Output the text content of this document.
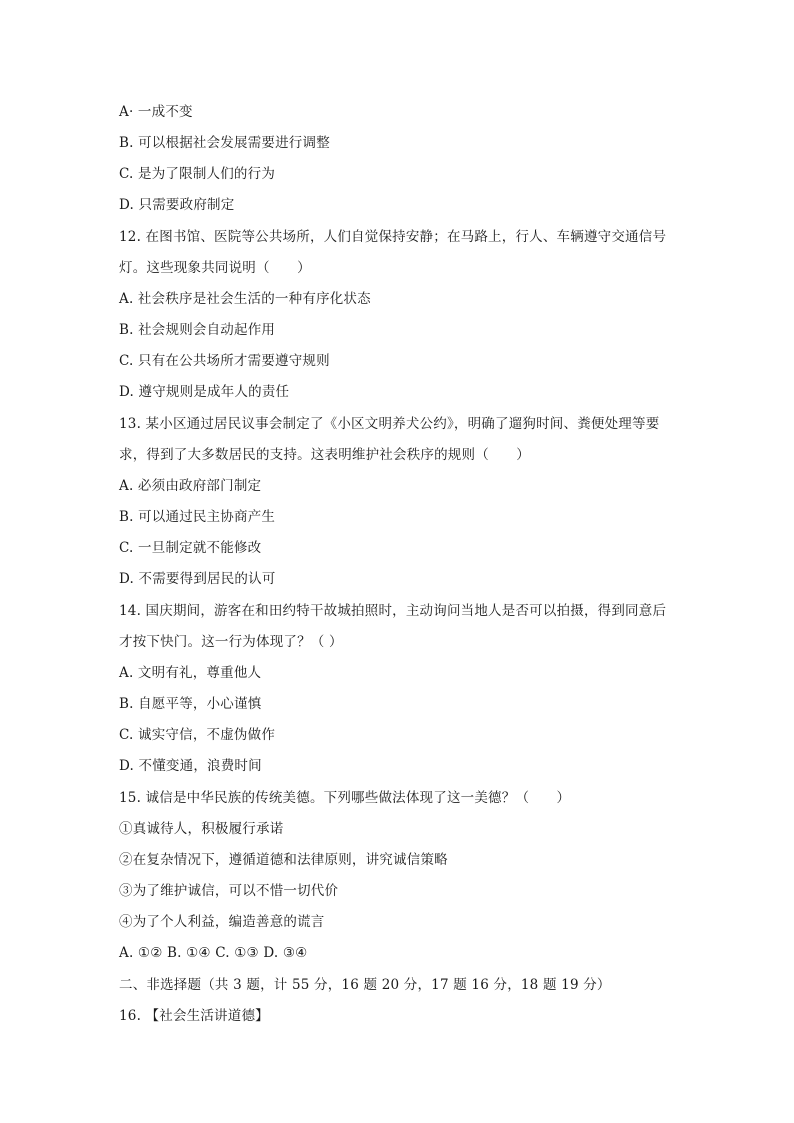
A· 一成不变
B. 可以根据社会发展需要进行调整
C. 是为了限制人们的行为
D. 只需要政府制定
12. 在图书馆、医院等公共场所，人们自觉保持安静；在马路上，行人、车辆遵守交通信号
灯。这些现象共同说明（　　）
A. 社会秩序是社会生活的一种有序化状态
B. 社会规则会自动起作用
C. 只有在公共场所才需要遵守规则
D. 遵守规则是成年人的责任
13. 某小区通过居民议事会制定了《小区文明养犬公约》，明确了遛狗时间、粪便处理等要
求，得到了大多数居民的支持。这表明维护社会秩序的规则（　　）
A. 必须由政府部门制定
B. 可以通过民主协商产生
C. 一旦制定就不能修改
D. 不需要得到居民的认可
14. 国庆期间，游客在和田约特干故城拍照时，主动询问当地人是否可以拍摄，得到同意后
才按下快门。这一行为体现了？（ ）
A. 文明有礼，尊重他人
B. 自愿平等，小心谨慎
C. 诚实守信，不虚伪做作
D. 不懂变通，浪费时间
15. 诚信是中华民族的传统美德。下列哪些做法体现了这一美德？（　　）
①真诚待人，积极履行承诺
②在复杂情况下，遵循道德和法律原则，讲究诚信策略
③为了维护诚信，可以不惜一切代价
④为了个人利益，编造善意的谎言
A. ①② B. ①④ C. ①③ D. ③④
二、非选择题（共 3 题，计 55 分，16 题 20 分，17 题 16 分，18 题 19 分）
16. 【社会生活讲道德】
